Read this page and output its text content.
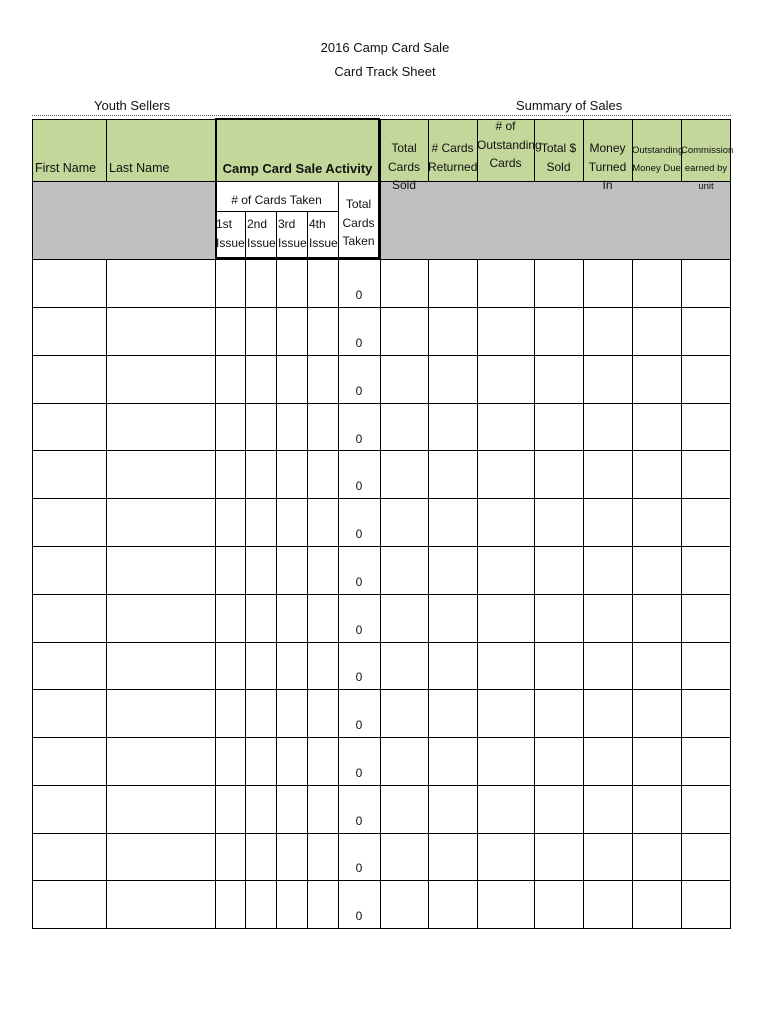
2016 Camp Card Sale
Card Track Sheet
Youth Sellers	Summary of Sales
First Name Last Name	Camp Card Sale Activity
Total Cards
Sold
# Cards
Returned
# of
Outstanding
Cards
Total $
Sold
Money
Turned In
Outstanding
Money Due
Commission
earned by unit
# of Cards Taken
1st
Issue
2nd
Issue
3rd
Issue
4th
Issue
Total
Cards
Taken
0
0
0
0
0
0
0
0
0
0
0
0
0
0
